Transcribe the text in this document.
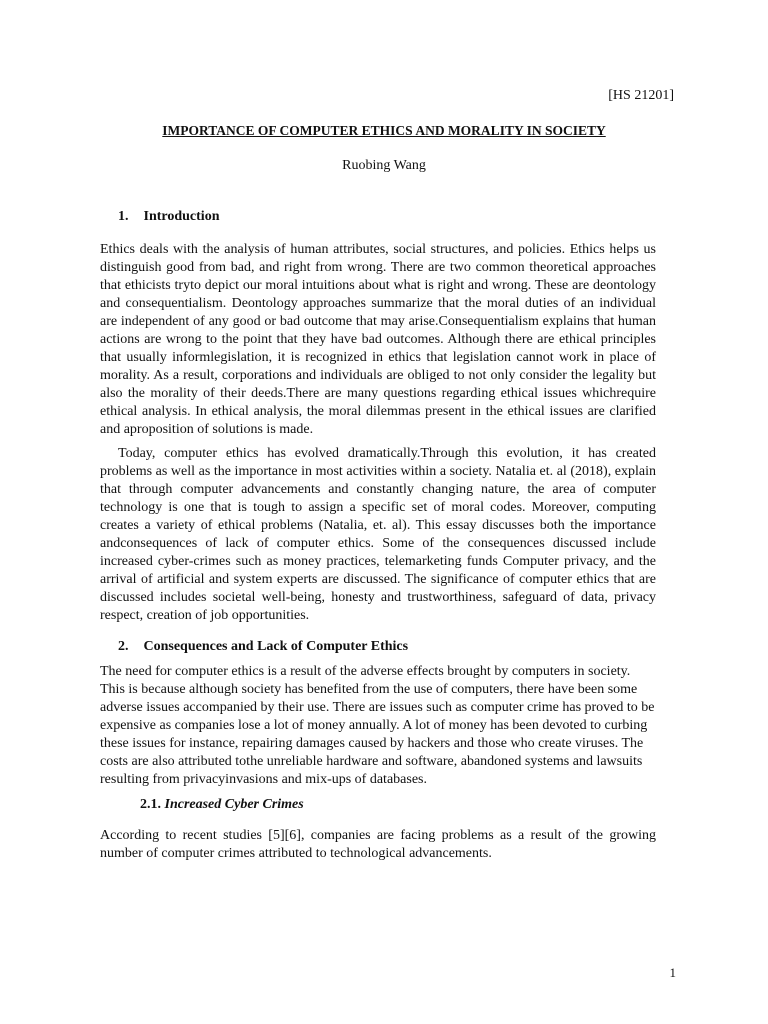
[HS 21201]
IMPORTANCE OF COMPUTER ETHICS AND MORALITY IN SOCIETY
Ruobing Wang
1. Introduction

Ethics deals with the analysis of human attributes, social structures, and policies. Ethics helps us distinguish good from bad, and right from wrong. There are two common theoretical approaches that ethicists tryto depict our moral intuitions about what is right and wrong. These are deontology and consequentialism. Deontology approaches summarize that the moral duties of an individual are independent of any good or bad outcome that may arise.Consequentialism explains that human actions are wrong to the point that they have bad outcomes. Although there are ethical principles that usually informlegislation, it is recognized in ethics that legislation cannot work in place of morality. As a result, corporations and individuals are obliged to not only consider the legality but also the morality of their deeds.There are many questions regarding ethical issues whichrequire ethical analysis. In ethical analysis, the moral dilemmas present in the ethical issues are clarified and aproposition of solutions is made.

Today, computer ethics has evolved dramatically.Through this evolution, it has created problems as well as the importance in most activities within a society. Natalia et. al (2018), explain that through computer advancements and constantly changing nature, the area of computer technology is one that is tough to assign a specific set of moral codes. Moreover, computing creates a variety of ethical problems (Natalia, et. al). This essay discusses both the importance andconsequences of lack of computer ethics. Some of the consequences discussed include increased cyber-crimes such as money practices, telemarketing funds Computer privacy, and the arrival of artificial and system experts are discussed. The significance of computer ethics that are discussed includes societal well-being, honesty and trustworthiness, safeguard of data, privacy respect, creation of job opportunities.

2. Consequences and Lack of Computer Ethics

The need for computer ethics is a result of the adverse effects brought by computers in society. This is because although society has benefited from the use of computers, there have been some adverse issues accompanied by their use. There are issues such as computer crime has proved to be expensive as companies lose a lot of money annually. A lot of money has been devoted to curbing these issues for instance, repairing damages caused by hackers and those who create viruses. The costs are also attributed tothe unreliable hardware and software, abandoned systems and lawsuits resulting from privacyinvasions and mix-ups of databases.

2.1. Increased Cyber Crimes

According to recent studies [5][6], companies are facing problems as a result of the growing number of computer crimes attributed to technological advancements.

1
